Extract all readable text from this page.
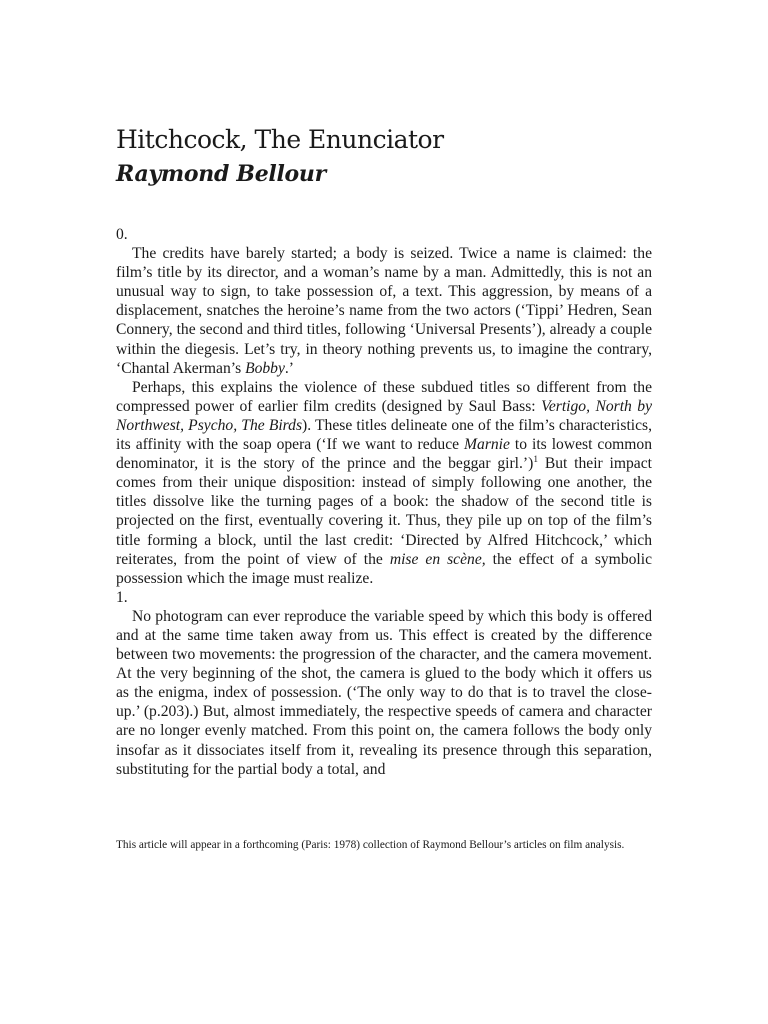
Hitchcock, The Enunciator
Raymond Bellour

0.

The credits have barely started; a body is seized. Twice a name is claimed: the film’s title by its director, and a woman’s name by a man. Admittedly, this is not an unusual way to sign, to take possession of, a text. This aggression, by means of a displacement, snatches the heroine’s name from the two actors (‘Tippi’ Hedren, Sean Connery, the second and third titles, following ‘Universal Presents’), already a couple within the diegesis. Let’s try, in theory nothing prevents us, to imagine the contrary, ‘Chantal Akerman’s Bobby.’

Perhaps, this explains the violence of these subdued titles so different from the compressed power of earlier film credits (designed by Saul Bass: Vertigo, North by Northwest, Psycho, The Birds). These titles delineate one of the film’s characteristics, its affinity with the soap opera (‘If we want to reduce Marnie to its lowest common denominator, it is the story of the prince and the beggar girl.’)$^1$ But their impact comes from their unique disposition: instead of simply following one another, the titles dissolve like the turning pages of a book: the shadow of the second title is projected on the first, eventually covering it. Thus, they pile up on top of the film’s title forming a block, until the last credit: ‘Directed by Alfred Hitchcock,’ which reiterates, from the point of view of the mise en scène, the effect of a symbolic possession which the image must realize.

1.

No photogram can ever reproduce the variable speed by which this body is offered and at the same time taken away from us. This effect is created by the difference between two movements: the progression of the character, and the camera movement. At the very beginning of the shot, the camera is glued to the body which it offers us as the enigma, index of possession. (‘The only way to do that is to travel the close-up.’ (p.203).) But, almost immediately, the respective speeds of camera and character are no longer evenly matched. From this point on, the camera follows the body only insofar as it dissociates itself from it, revealing its presence through this separation, substituting for the partial body a total, and

This article will appear in a forthcoming (Paris: 1978) collection of Raymond Bellour’s articles on film analysis.
